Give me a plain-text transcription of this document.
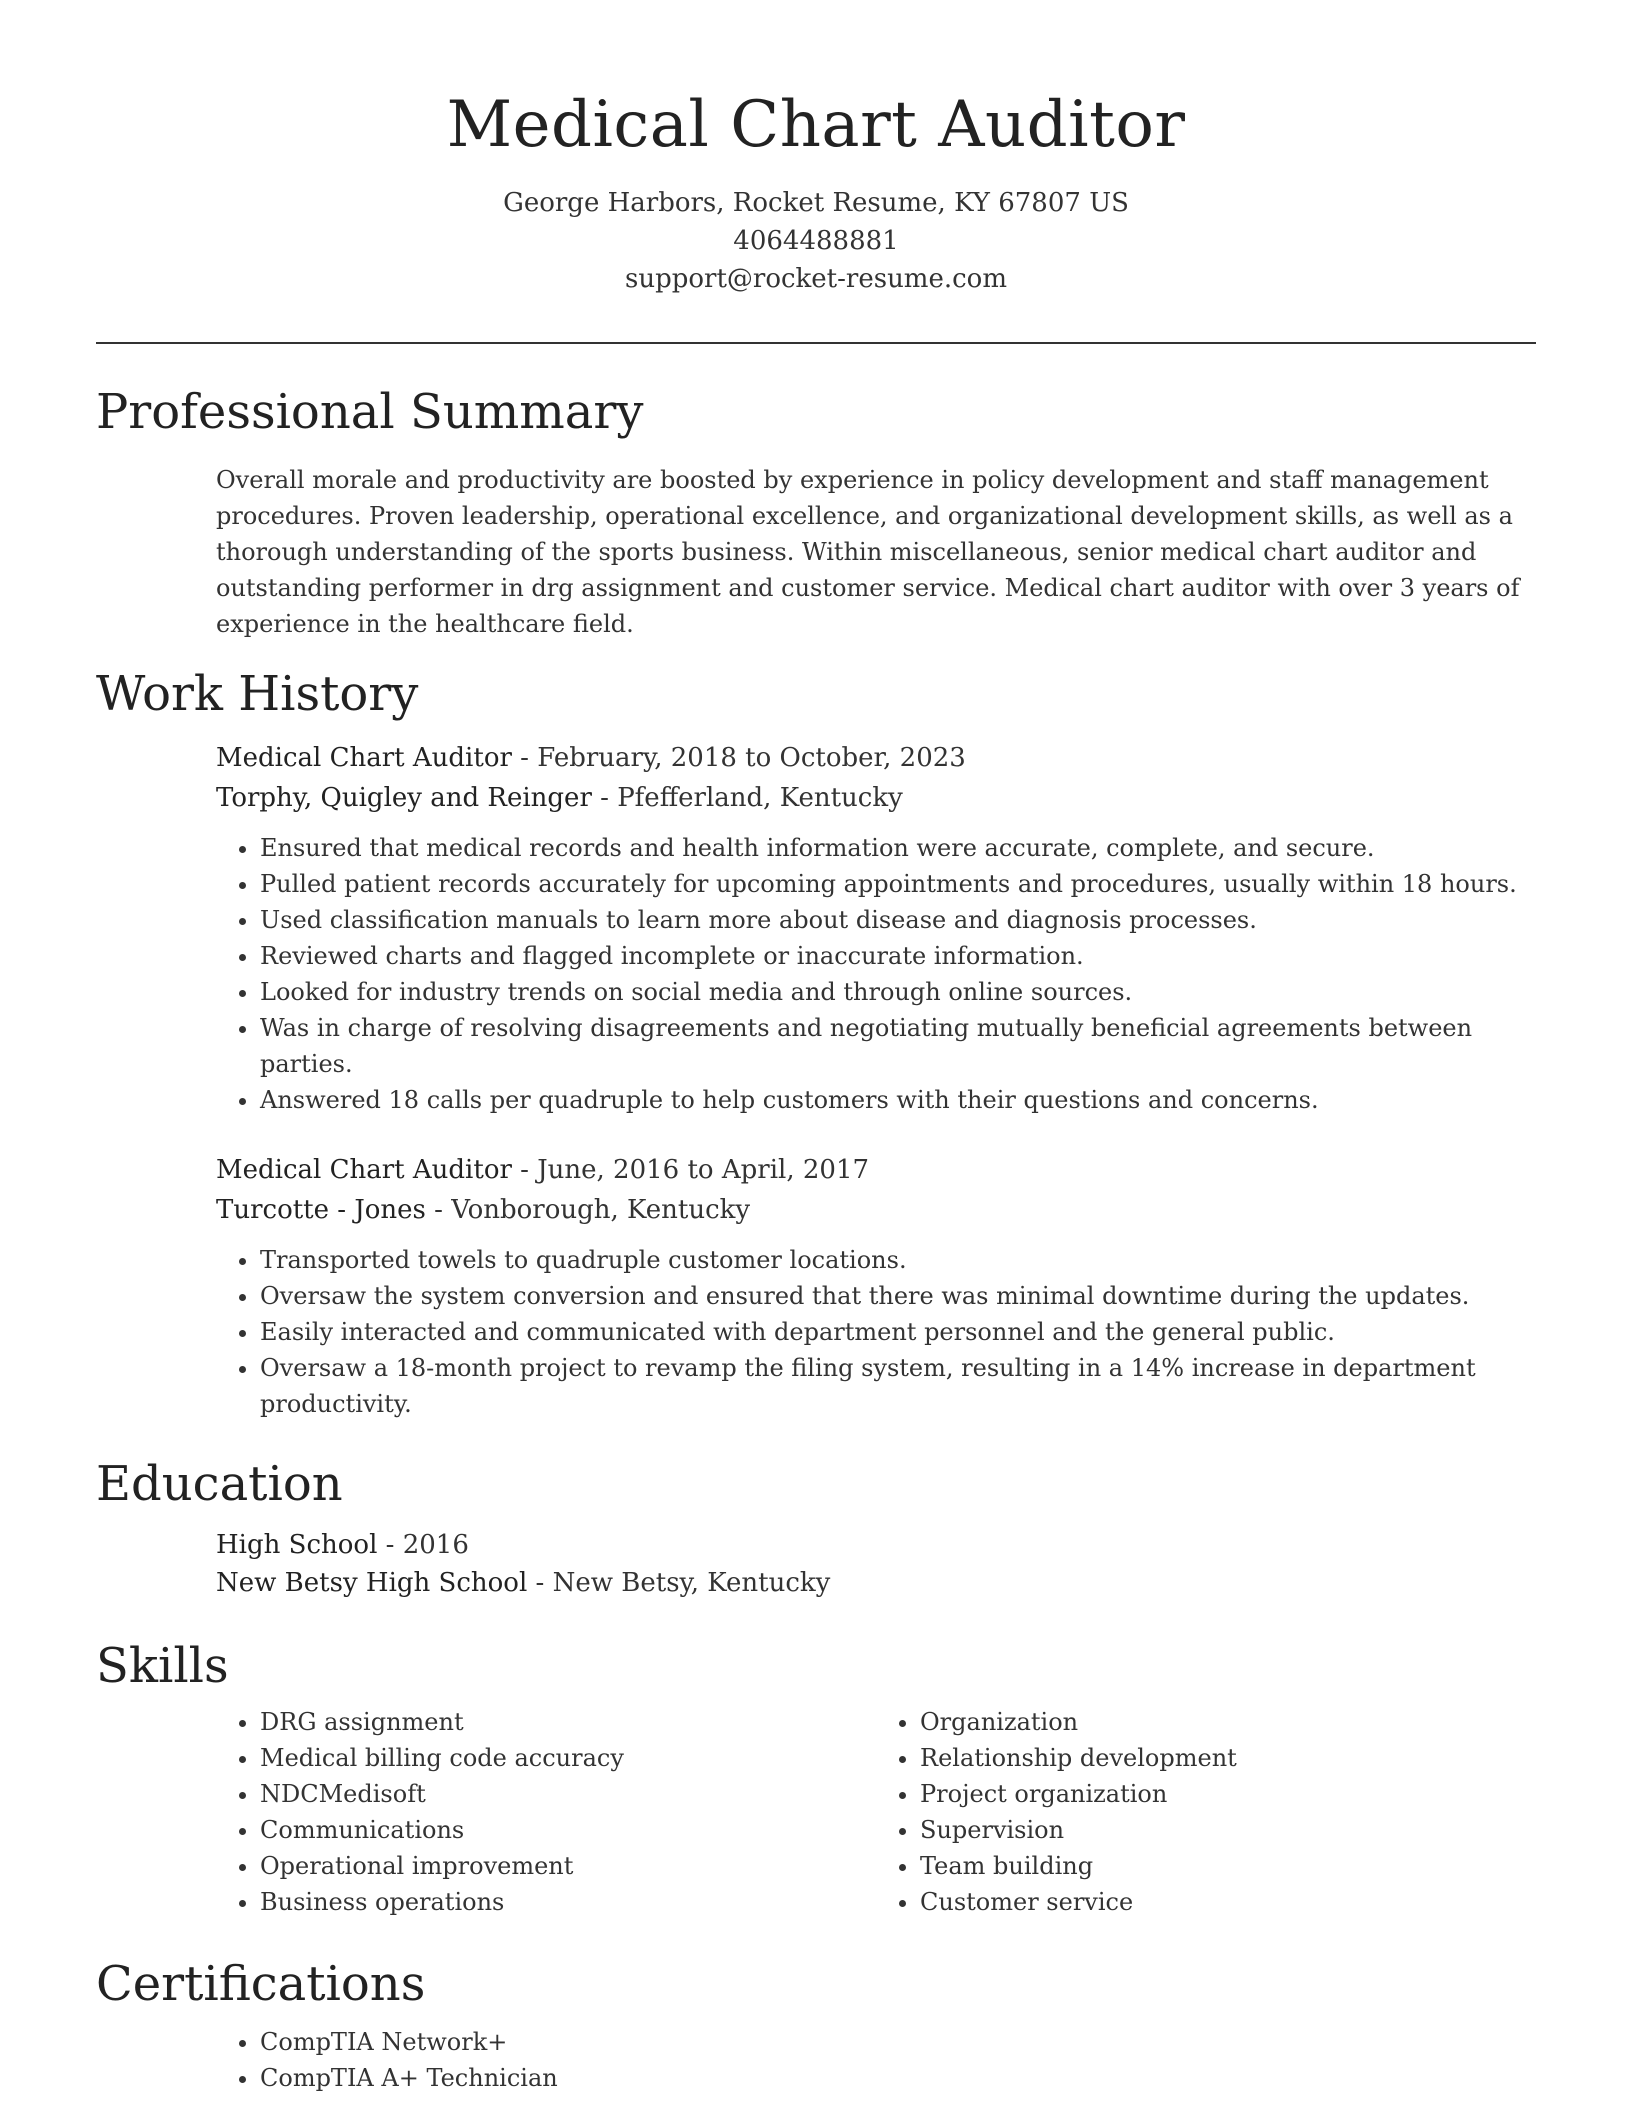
Medical Chart Auditor
George Harbors, Rocket Resume, KY 67807 US
4064488881
support@rocket-resume.com
Professional Summary
Overall morale and productivity are boosted by experience in policy development and staff management procedures. Proven leadership, operational excellence, and organizational development skills, as well as a thorough understanding of the sports business. Within miscellaneous, senior medical chart auditor and outstanding performer in drg assignment and customer service. Medical chart auditor with over 3 years of experience in the healthcare field.
Work History
Medical Chart Auditor - February, 2018 to October, 2023
Torphy, Quigley and Reinger - Pfefferland, Kentucky
• Ensured that medical records and health information were accurate, complete, and secure.
• Pulled patient records accurately for upcoming appointments and procedures, usually within 18 hours.
• Used classification manuals to learn more about disease and diagnosis processes.
• Reviewed charts and flagged incomplete or inaccurate information.
• Looked for industry trends on social media and through online sources.
• Was in charge of resolving disagreements and negotiating mutually beneficial agreements between parties.
• Answered 18 calls per quadruple to help customers with their questions and concerns.
Medical Chart Auditor - June, 2016 to April, 2017
Turcotte - Jones - Vonborough, Kentucky
• Transported towels to quadruple customer locations.
• Oversaw the system conversion and ensured that there was minimal downtime during the updates.
• Easily interacted and communicated with department personnel and the general public.
• Oversaw a 18-month project to revamp the filing system, resulting in a 14% increase in department productivity.
Education
High School - 2016
New Betsy High School - New Betsy, Kentucky
Skills
• DRG assignment
• Medical billing code accuracy
• NDCMedisoft
• Communications
• Operational improvement
• Business operations
• Organization
• Relationship development
• Project organization
• Supervision
• Team building
• Customer service
Certifications
• CompTIA Network+
• CompTIA A+ Technician
